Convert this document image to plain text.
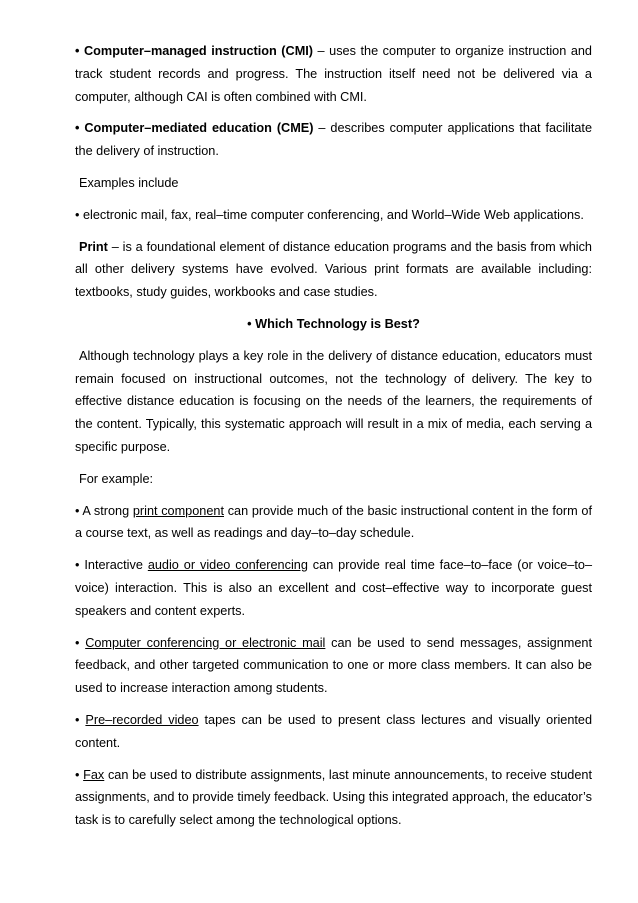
• Computer–managed instruction (CMI) – uses the computer to organize instruction and track student records and progress. The instruction itself need not be delivered via a computer, although CAI is often combined with CMI.

• Computer–mediated education (CME) – describes computer applications that facilitate the delivery of instruction.

Examples include

• electronic mail, fax, real–time computer conferencing, and World–Wide Web applications.

Print – is a foundational element of distance education programs and the basis from which all other delivery systems have evolved. Various print formats are available including: textbooks, study guides, workbooks and case studies.

• Which Technology is Best?

Although technology plays a key role in the delivery of distance education, educators must remain focused on instructional outcomes, not the technology of delivery. The key to effective distance education is focusing on the needs of the learners, the requirements of the content. Typically, this systematic approach will result in a mix of media, each serving a specific purpose.

For example:

• A strong print component can provide much of the basic instructional content in the form of a course text, as well as readings and day–to–day schedule.

• Interactive audio or video conferencing can provide real time face–to–face (or voice–to–voice) interaction. This is also an excellent and cost–effective way to incorporate guest speakers and content experts.

• Computer conferencing or electronic mail can be used to send messages, assignment feedback, and other targeted communication to one or more class members. It can also be used to increase interaction among students.

• Pre–recorded video tapes can be used to present class lectures and visually oriented content.

• Fax can be used to distribute assignments, last minute announcements, to receive student assignments, and to provide timely feedback. Using this integrated approach, the educator’s task is to carefully select among the technological options.
